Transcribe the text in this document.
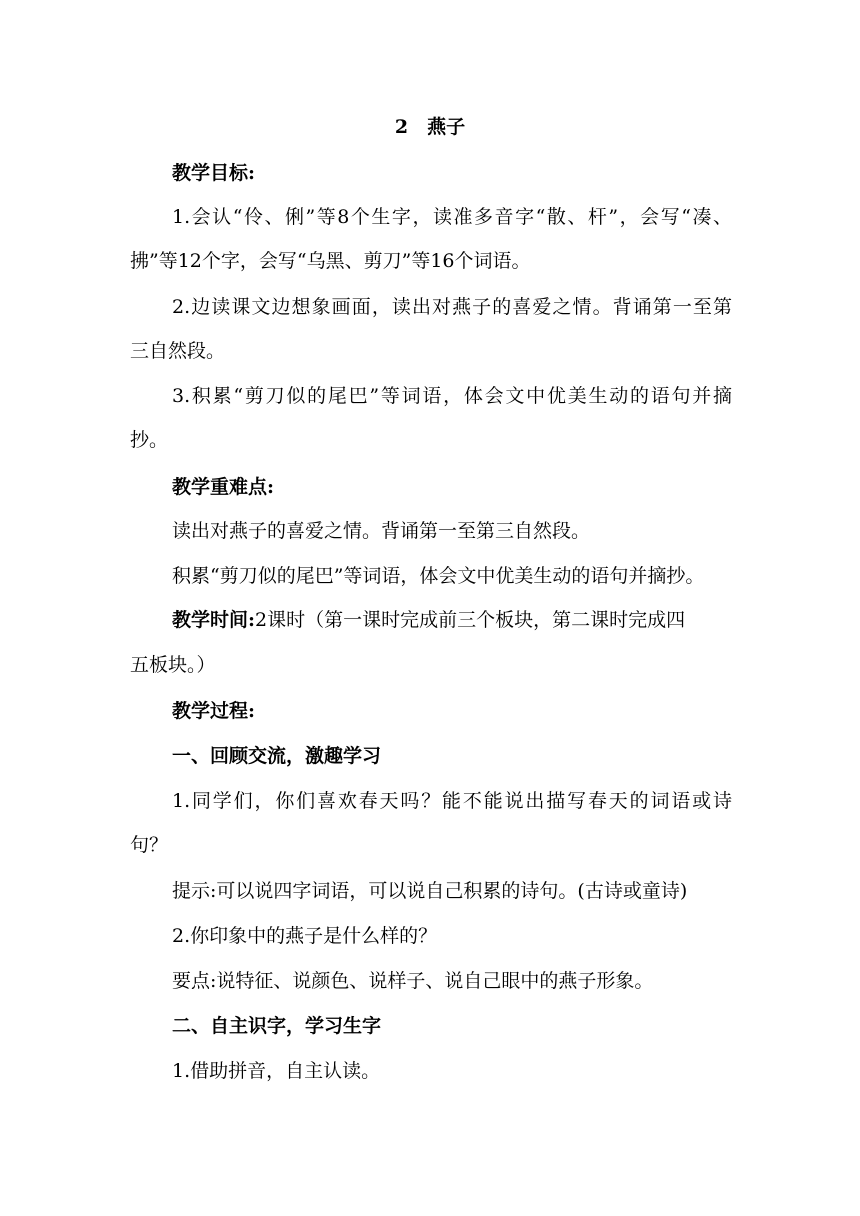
2　燕子
教学目标:
1.会认“伶、俐”等8个生字，读准多音字“散、杆”，会写“凑、
拂”等12个字，会写“乌黑、剪刀”等16个词语。
2.边读课文边想象画面，读出对燕子的喜爱之情。背诵第一至第
三自然段。
3.积累“剪刀似的尾巴”等词语，体会文中优美生动的语句并摘
抄。
教学重难点:
读出对燕子的喜爱之情。背诵第一至第三自然段。
积累“剪刀似的尾巴”等词语，体会文中优美生动的语句并摘抄。
教学时间:2课时（第一课时完成前三个板块，第二课时完成四
五板块。）
教学过程:
一、回顾交流，激趣学习
1.同学们，你们喜欢春天吗？能不能说出描写春天的词语或诗
句？
提示:可以说四字词语，可以说自己积累的诗句。(古诗或童诗)
2.你印象中的燕子是什么样的？
要点:说特征、说颜色、说样子、说自己眼中的燕子形象。
二、自主识字，学习生字
1.借助拼音，自主认读。
